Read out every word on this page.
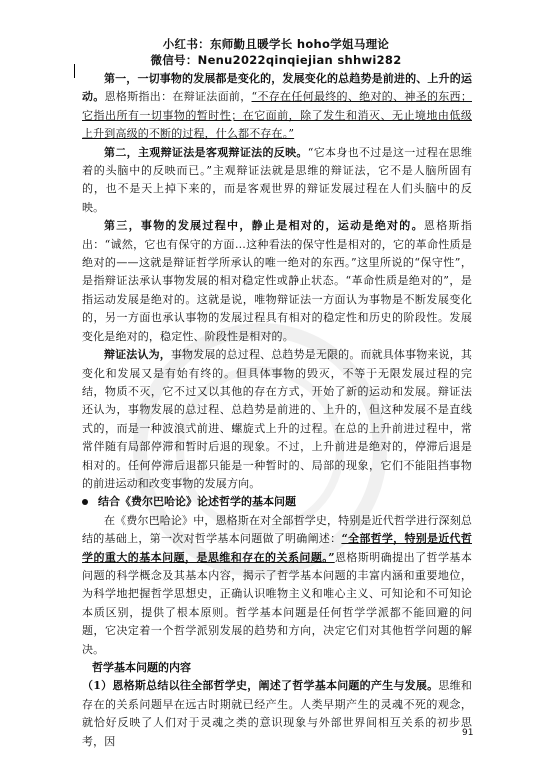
小红书：东师勤且暖学长 hoho学姐马理论
微信号：Nenu2022qinqiejian shhwi282

第一，一切事物的发展都是变化的，发展变化的总趋势是前进的、上升的运动。恩格斯指出：在辩证法面前，“不存在任何最终的、绝对的、神圣的东西；它指出所有一切事物的暂时性；在它面前，除了发生和消灭、无止境地由低级上升到高级的不断的过程，什么都不存在。”

第二，主观辩证法是客观辩证法的反映。“它本身也不过是这一过程在思维着的头脑中的反映而已。”主观辩证法就是思维的辩证法，它不是人脑所固有的，也不是天上掉下来的，而是客观世界的辩证发展过程在人们头脑中的反映。

第三，事物的发展过程中，静止是相对的，运动是绝对的。恩格斯指出：“诚然，它也有保守的方面…这种看法的保守性是相对的，它的革命性质是绝对的——这就是辩证哲学所承认的唯一绝对的东西。”这里所说的“保守性”，是指辩证法承认事物发展的相对稳定性或静止状态。“革命性质是绝对的”，是指运动发展是绝对的。这就是说，唯物辩证法一方面认为事物是不断发展变化的，另一方面也承认事物的发展过程具有相对的稳定性和历史的阶段性。发展变化是绝对的，稳定性、阶段性是相对的。

辩证法认为，事物发展的总过程、总趋势是无限的。而就具体事物来说，其变化和发展又是有始有终的。但具体事物的毁灭，不等于无限发展过程的完结，物质不灭，它不过又以其他的存在方式，开始了新的运动和发展。辩证法还认为，事物发展的总过程、总趋势是前进的、上升的，但这种发展不是直线式的，而是一种波浪式前进、螺旋式上升的过程。在总的上升前进过程中，常常伴随有局部停滞和暂时后退的现象。不过，上升前进是绝对的，停滞后退是相对的。任何停滞后退都只能是一种暂时的、局部的现象，它们不能阻挡事物的前进运动和改变事物的发展方向。

结合《费尔巴哈论》论述哲学的基本问题

在《费尔巴哈论》中，恩格斯在对全部哲学史，特别是近代哲学进行深刻总结的基础上，第一次对哲学基本问题做了明确阐述：“全部哲学，特别是近代哲学的重大的基本问题，是思维和存在的关系问题。”恩格斯明确提出了哲学基本问题的科学概念及其基本内容，揭示了哲学基本问题的丰富内涵和重要地位，为科学地把握哲学思想史，正确认识唯物主义和唯心主义、可知论和不可知论本质区别，提供了根本原则。哲学基本问题是任何哲学学派都不能回避的问题，它决定着一个哲学派别发展的趋势和方向，决定它们对其他哲学问题的解决。

哲学基本问题的内容

（1）恩格斯总结以往全部哲学史，阐述了哲学基本问题的产生与发展。思维和存在的关系问题早在远古时期就已经产生。人类早期产生的灵魂不死的观念，就恰好反映了人们对于灵魂之类的意识现象与外部世界间相互关系的初步思考，因

91
